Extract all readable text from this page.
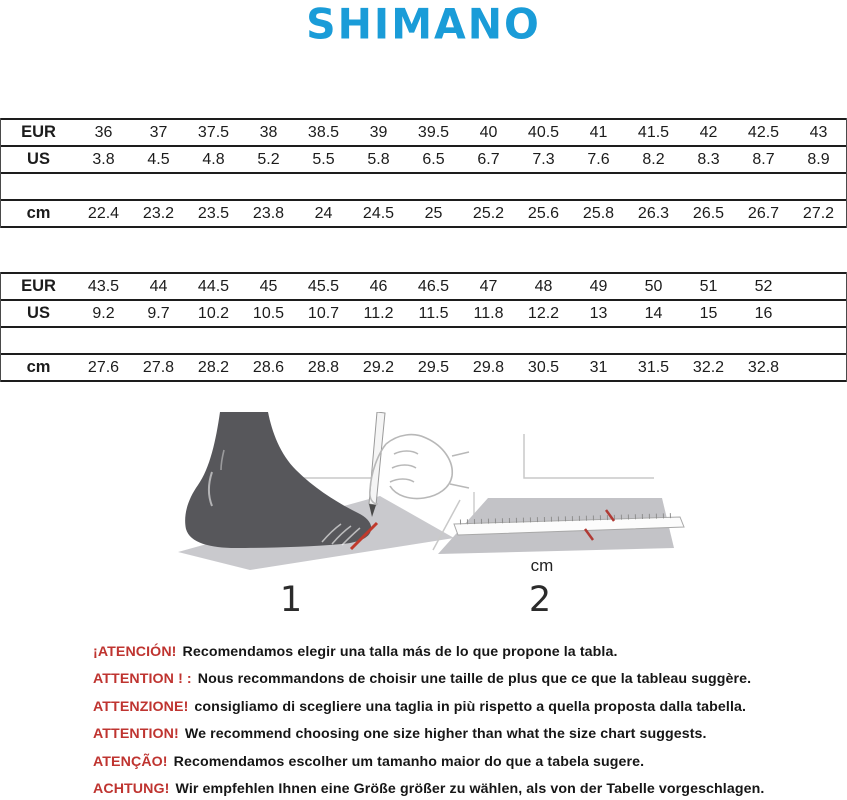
SHIMANO
EUR	36	37	37.5	38	38.5	39	39.5	40	40.5	41	41.5	42	42.5	43
US	3.8	4.5	4.8	5.2	5.5	5.8	6.5	6.7	7.3	7.6	8.2	8.3	8.7	8.9
cm	22.4	23.2	23.5	23.8	24	24.5	25	25.2	25.6	25.8	26.3	26.5	26.7	27.2
EUR	43.5	44	44.5	45	45.5	46	46.5	47	48	49	50	51	52	
US	9.2	9.7	10.2	10.5	10.7	11.2	11.5	11.8	12.2	13	14	15	16	
cm	27.6	27.8	28.2	28.6	28.8	29.2	29.5	29.8	30.5	31	31.5	32.2	32.8	
cm
1	2
¡ATENCIÓN! Recomendamos elegir una talla más de lo que propone la tabla.
ATTENTION ! : Nous recommandons de choisir une taille de plus que ce que la tableau suggère.
ATTENZIONE! consigliamo di scegliere una taglia in più rispetto a quella proposta dalla tabella.
ATTENTION! We recommend choosing one size higher than what the size chart suggests.
ATENÇÃO! Recomendamos escolher um tamanho maior do que a tabela sugere.
ACHTUNG! Wir empfehlen Ihnen eine Größe größer zu wählen, als von der Tabelle vorgeschlagen.
